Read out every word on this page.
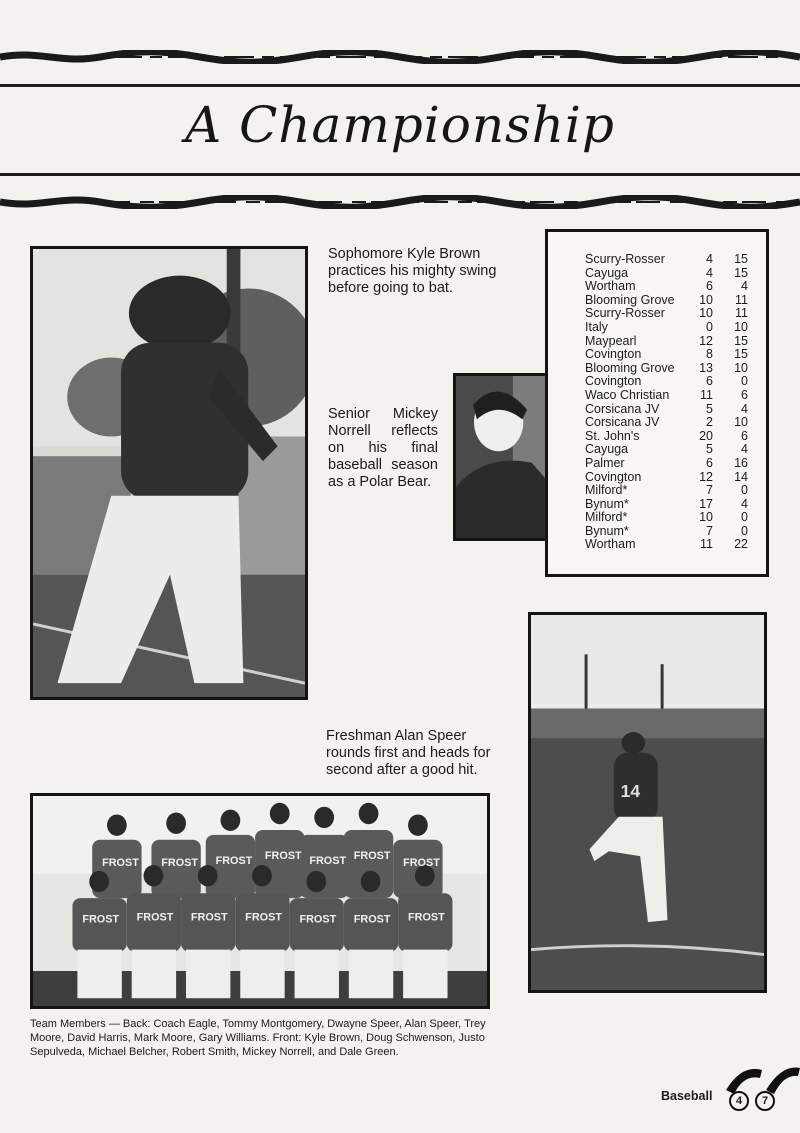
A Championship
Sophomore Kyle Brown practices his mighty swing before going to bat.
Senior Mickey Norrell reflects on his final baseball season as a Polar Bear.
Scurry-Rosser	4	15
Cayuga	4	15
Wortham	6	4
Blooming Grove	10	11
Scurry-Rosser	10	11
Italy	0	10
Maypearl	12	15
Covington	8	15
Blooming Grove	13	10
Covington	6	0
Waco Christian	11	6
Corsicana JV	5	4
Corsicana JV	2	10
St. John's	20	6
Cayuga	5	4
Palmer	6	16
Covington	12	14
Milford*	7	0
Bynum*	17	4
Milford*	10	0
Bynum*	7	0
Wortham	11	22
14
Freshman Alan Speer rounds first and heads for second after a good hit.
FROST FROST FROST FROST FROST FROST
FROST
FROST FROST FROST FROST FROST FROST FROST
Team Members — Back: Coach Eagle, Tommy Montgomery, Dwayne Speer, Alan Speer, Trey Moore, David Harris, Mark Moore, Gary Williams. Front: Kyle Brown, Doug Schwenson, Justo Sepulveda, Michael Belcher, Robert Smith, Mickey Norrell, and Dale Green.
Baseball	4	7
